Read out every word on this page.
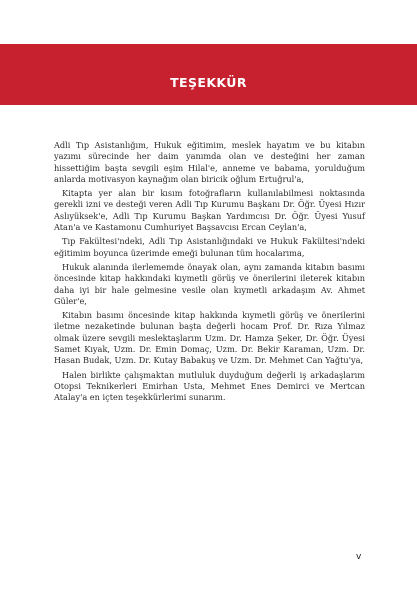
TEŞEKKÜR

Adli Tıp Asistanlığım, Hukuk eğitimim, meslek hayatım ve bu kitabın yazımı sürecinde her daim yanımda olan ve desteğini her zaman hissettiğim başta sevgili eşim Hilal'e, anneme ve babama, yorulduğum anlarda motivasyon kaynağım olan biricik oğlum Ertuğrul'a,

Kitapta yer alan bir kısım fotoğrafların kullanılabilmesi noktasında gerekli izni ve desteği veren Adli Tıp Kurumu Başkanı Dr. Öğr. Üyesi Hızır Aslıyüksek'e, Adli Tıp Kurumu Başkan Yardımcısı Dr. Öğr. Üyesi Yusuf Atan'a ve Kastamonu Cumhuriyet Başsavcısı Ercan Ceylan'a,

Tıp Fakültesi'ndeki, Adli Tıp Asistanlığındaki ve Hukuk Fakültesi'ndeki eğitimim boyunca üzerimde emeği bulunan tüm hocalarıma,

Hukuk alanında ilerlememde önayak olan, aynı zamanda kitabın basımı öncesinde kitap hakkındaki kıymetli görüş ve önerilerini ileterek kitabın daha iyi bir hale gelmesine vesile olan kıymetli arkadaşım Av. Ahmet Güler'e,

Kitabın basımı öncesinde kitap hakkında kıymetli görüş ve önerilerini iletme nezaketinde bulunan başta değerli hocam Prof. Dr. Rıza Yılmaz olmak üzere sevgili meslektaşlarım Uzm. Dr. Hamza Şeker, Dr. Öğr. Üyesi Samet Kıyak, Uzm. Dr. Emin Domaç, Uzm. Dr. Bekir Karaman, Uzm. Dr. Hasan Budak, Uzm. Dr. Kutay Babakuş ve Uzm. Dr. Mehmet Can Yağtu'ya,

Halen birlikte çalışmaktan mutluluk duyduğum değerli iş arkadaşlarım Otopsi Teknikerleri Emirhan Usta, Mehmet Enes Demirci ve Mertcan Atalay'a en içten teşekkürlerimi sunarım.

v
